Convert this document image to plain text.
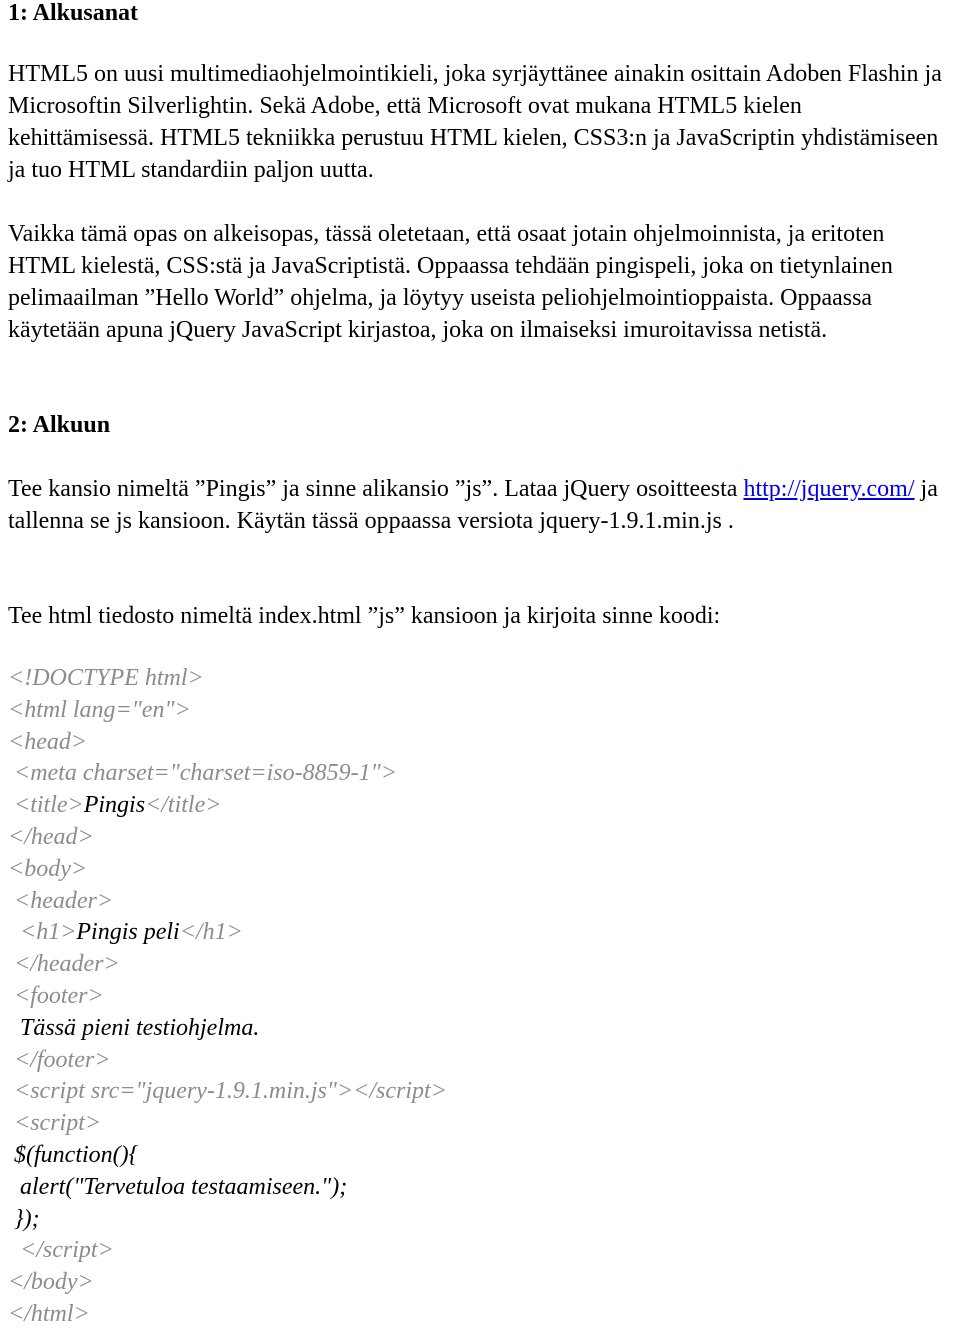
1: Alkusanat

HTML5 on uusi multimediaohjelmointikieli, joka syrjäyttänee ainakin osittain Adoben Flashin ja Microsoftin Silverlightin. Sekä Adobe, että Microsoft ovat mukana HTML5 kielen kehittämisessä. HTML5 tekniikka perustuu HTML kielen, CSS3:n ja JavaScriptin yhdistämiseen ja tuo HTML standardiin paljon uutta.

Vaikka tämä opas on alkeisopas, tässä oletetaan, että osaat jotain ohjelmoinnista, ja eritoten HTML kielestä, CSS:stä ja JavaScriptistä. Oppaassa tehdään pingispeli, joka on tietynlainen pelimaailman ”Hello World” ohjelma, ja löytyy useista peliohjelmointioppaista. Oppaassa käytetään apuna jQuery JavaScript kirjastoa, joka on ilmaiseksi imuroitavissa netistä.

2: Alkuun

Tee kansio nimeltä ”Pingis” ja sinne alikansio ”js”. Lataa jQuery osoitteesta http://jquery.com/ ja tallenna se js kansioon. Käytän tässä oppaassa versiota jquery-1.9.1.min.js .

Tee html tiedosto nimeltä index.html ”js” kansioon ja kirjoita sinne koodi:

<!DOCTYPE html>
<html lang="en">
<head>
<meta charset="charset=iso-8859-1">
<title>Pingis</title>
</head>
<body>
<header>
<h1>Pingis peli</h1>
</header>
<footer>
Tässä pieni testiohjelma.
</footer>
<script src="jquery-1.9.1.min.js"></script>
<script>
$(function(){
alert("Tervetuloa testaamiseen.");
});
</script>
</body>
</html>
